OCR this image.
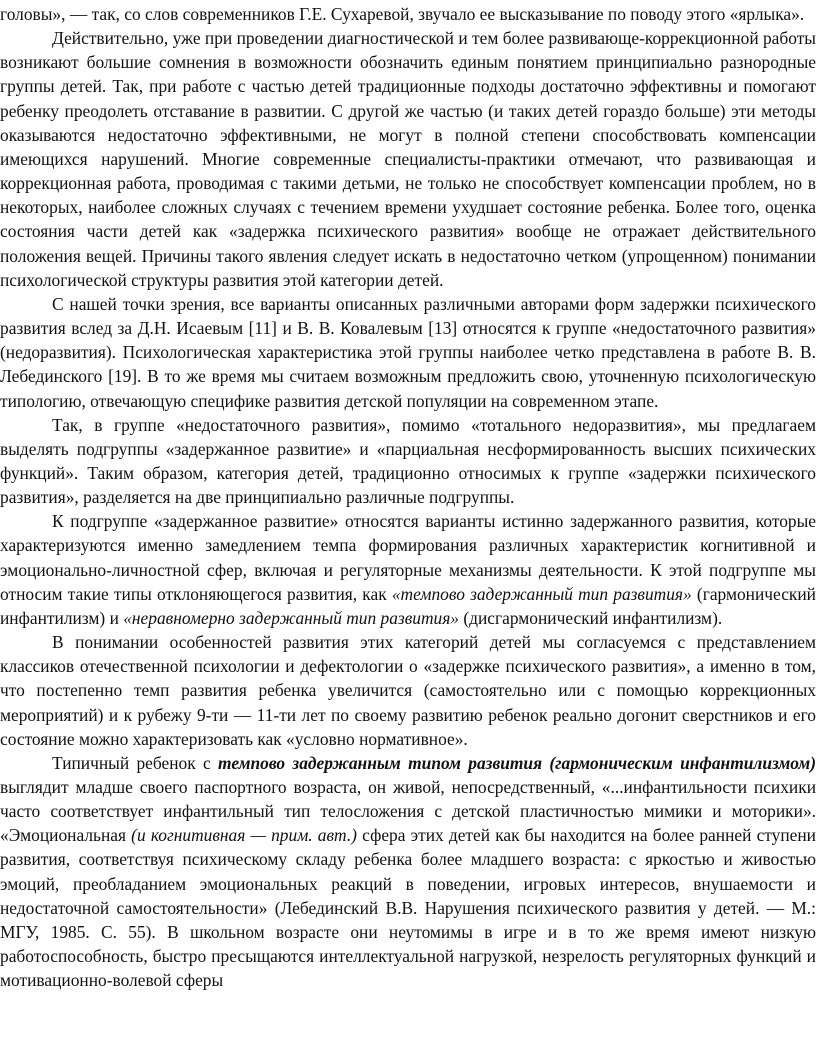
головы», — так, со слов современников Г.Е. Сухаревой, звучало ее высказывание по поводу этого «ярлыка».

Действительно, уже при проведении диагностической и тем более развивающе-коррекционной работы возникают большие сомнения в возможности обозначить единым понятием принципиально разнородные группы детей. Так, при работе с частью детей традиционные подходы достаточно эффективны и помогают ребенку преодолеть отставание в развитии. С другой же частью (и таких детей гораздо больше) эти методы оказываются недостаточно эффективными, не могут в полной степени способствовать компенсации имеющихся нарушений. Многие современные специалисты-практики отмечают, что развивающая и коррекционная работа, проводимая с такими детьми, не только не способствует компенсации проблем, но в некоторых, наиболее сложных случаях с течением времени ухудшает состояние ребенка. Более того, оценка состояния части детей как «задержка психического развития» вообще не отражает действительного положения вещей. Причины такого явления следует искать в недостаточно четком (упрощенном) понимании психологической структуры развития этой категории детей.

С нашей точки зрения, все варианты описанных различными авторами форм задержки психического развития вслед за Д.Н. Исаевым [11] и В. В. Ковалевым [13] относятся к группе «недостаточного развития» (недоразвития). Психологическая характеристика этой группы наиболее четко представлена в работе В. В. Лебединского [19]. В то же время мы считаем возможным предложить свою, уточненную психологическую типологию, отвечающую специфике развития детской популяции на современном этапе.

Так, в группе «недостаточного развития», помимо «тотального недоразвития», мы предлагаем выделять подгруппы «задержанное развитие» и «парциальная несформированность высших психических функций». Таким образом, категория детей, традиционно относимых к группе «задержки психического развития», разделяется на две принципиально различные подгруппы.

К подгруппе «задержанное развитие» относятся варианты истинно задержанного развития, которые характеризуются именно замедлением темпа формирования различных характеристик когнитивной и эмоционально-личностной сфер, включая и регуляторные механизмы деятельности. К этой подгруппе мы относим такие типы отклоняющегося развития, как «темпово задержанный тип развития» (гармонический инфантилизм) и «неравномерно задержанный тип развития» (дисгармонический инфантилизм).

В понимании особенностей развития этих категорий детей мы согласуемся с представлением классиков отечественной психологии и дефектологии о «задержке психического развития», а именно в том, что постепенно темп развития ребенка увеличится (самостоятельно или с помощью коррекционных мероприятий) и к рубежу 9-ти — 11-ти лет по своему развитию ребенок реально догонит сверстников и его состояние можно характеризовать как «условно нормативное».

Типичный ребенок с темпово задержанным типом развития (гармоническим инфантилизмом) выглядит младше своего паспортного возраста, он живой, непосредственный, «...инфантильности психики часто соответствует инфантильный тип телосложения с детской пластичностью мимики и моторики». «Эмоциональная (и когнитивная — прим. авт.) сфера этих детей как бы находится на более ранней ступени развития, соответствуя психическому складу ребенка более младшего возраста: с яркостью и живостью эмоций, преобладанием эмоциональных реакций в поведении, игровых интересов, внушаемости и недостаточной самостоятельности» (Лебединский В.В. Нарушения психического развития у детей. — М.: МГУ, 1985. С. 55). В школьном возрасте они неутомимы в игре и в то же время имеют низкую работоспособность, быстро пресыщаются интеллектуальной нагрузкой, незрелость регуляторных функций и мотивационно-волевой сферы
